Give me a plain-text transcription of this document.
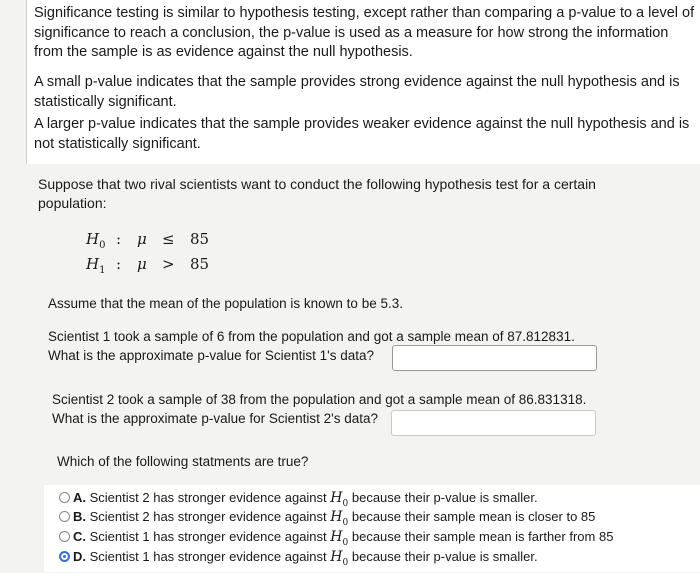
Significance testing is similar to hypothesis testing, except rather than comparing a p-value to a level of significance to reach a conclusion, the p-value is used as a measure for how strong the information from the sample is as evidence against the null hypothesis.
A small p-value indicates that the sample provides strong evidence against the null hypothesis and is statistically significant.
A larger p-value indicates that the sample provides weaker evidence against the null hypothesis and is not statistically significant.
Suppose that two rival scientists want to conduct the following hypothesis test for a certain population:
$H_0$ : μ ≤ 85
$H_1$ : μ > 85
Assume that the mean of the population is known to be 5.3.
Scientist 1 took a sample of 6 from the population and got a sample mean of 87.812831. What is the approximate p-value for Scientist 1's data?
Scientist 2 took a sample of 38 from the population and got a sample mean of 86.831318. What is the approximate p-value for Scientist 2's data?
Which of the following statments are true?
A. Scientist 2 has stronger evidence against $H_0$ because their p-value is smaller.
B. Scientist 2 has stronger evidence against $H_0$ because their sample mean is closer to 85
C. Scientist 1 has stronger evidence against $H_0$ because their sample mean is farther from 85
D. Scientist 1 has stronger evidence against $H_0$ because their p-value is smaller.
